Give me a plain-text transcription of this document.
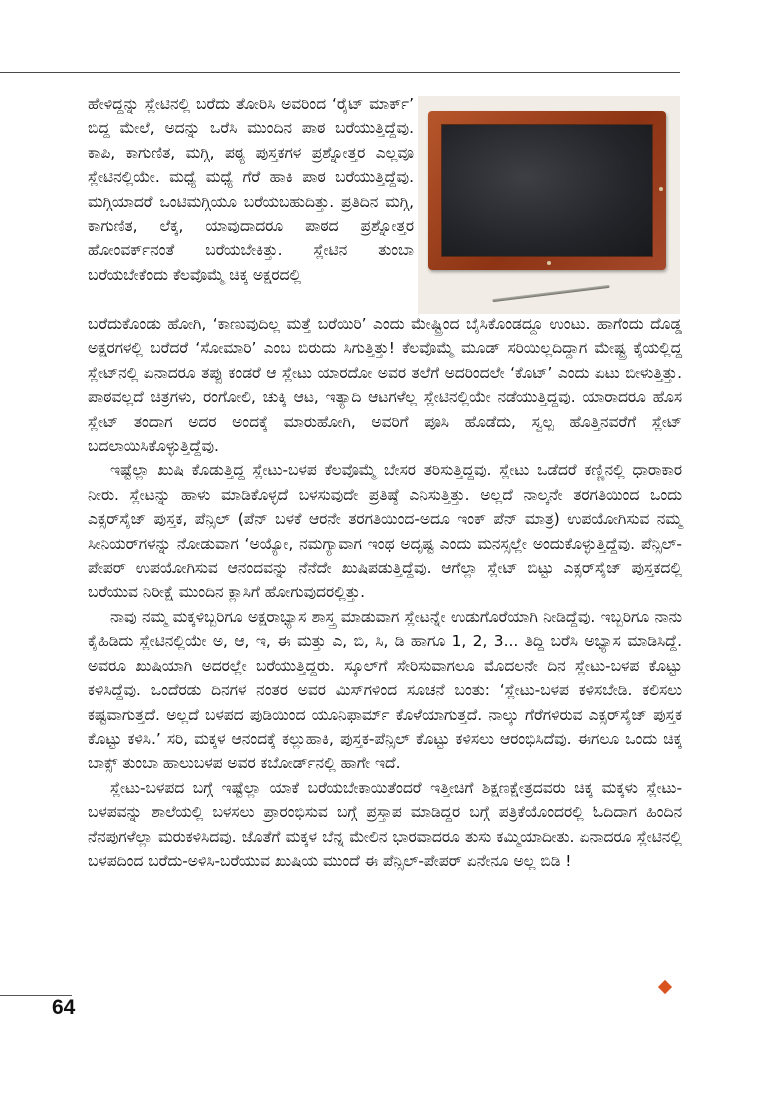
ಹೇಳಿದ್ದನ್ನು ಸ್ಲೇಟಿನಲ್ಲಿ ಬರೆದು ತೋರಿಸಿ ಅವರಿಂದ ‘ರೈಟ್ ಮಾರ್ಕ್’ ಬಿದ್ದ ಮೇಲೆ, ಅದನ್ನು ಒರೆಸಿ ಮುಂದಿನ ಪಾಠ ಬರೆಯುತ್ತಿದ್ದೆವು. ಕಾಪಿ, ಕಾಗುಣಿತ, ಮಗ್ಗಿ, ಪಠ್ಯ ಪುಸ್ತಕಗಳ ಪ್ರಶ್ನೋತ್ತರ ಎಲ್ಲವೂ ಸ್ಲೇಟಿನಲ್ಲಿಯೇ. ಮಧ್ಯೆ ಮಧ್ಯೆ ಗೆರೆ ಹಾಕಿ ಪಾಠ ಬರೆಯುತ್ತಿದ್ದೆವು. ಮಗ್ಗಿಯಾದರೆ ಒಂಟಿಮಗ್ಗಿಯೂ ಬರೆಯಬಹುದಿತ್ತು. ಪ್ರತಿದಿನ ಮಗ್ಗಿ, ಕಾಗುಣಿತ, ಲೆಕ್ಕ, ಯಾವುದಾದರೂ ಪಾಠದ ಪ್ರಶ್ನೋತ್ತರ ಹೋಂವರ್ಕ್‌ನಂತೆ ಬರೆಯಬೇಕಿತ್ತು. ಸ್ಲೇಟಿನ ತುಂಬಾ ಬರೆಯಬೇಕೆಂದು ಕೆಲವೊಮ್ಮೆ ಚಿಕ್ಕ ಅಕ್ಷರದಲ್ಲಿ

ಬರೆದುಕೊಂಡು ಹೋಗಿ, ‘ಕಾಣುವುದಿಲ್ಲ ಮತ್ತೆ ಬರೆಯಿರಿ’ ಎಂದು ಮೇಷ್ಟ್ರಿಂದ ಬೈಸಿಕೊಂಡದ್ದೂ ಉಂಟು. ಹಾಗೆಂದು ದೊಡ್ಡ ಅಕ್ಷರಗಳಲ್ಲಿ ಬರೆದರೆ ‘ಸೋಮಾರಿ’ ಎಂಬ ಬಿರುದು ಸಿಗುತ್ತಿತ್ತು! ಕೆಲವೊಮ್ಮೆ ಮೂಡ್ ಸರಿಯಿಲ್ಲದಿದ್ದಾಗ ಮೇಷ್ಟ್ರ ಕೈಯಲ್ಲಿದ್ದ ಸ್ಲೇಟ್‌ನಲ್ಲಿ ಏನಾದರೂ ತಪ್ಪು ಕಂಡರೆ ಆ ಸ್ಲೇಟು ಯಾರದೋ ಅವರ ತಲೆಗೆ ಅದರಿಂದಲೇ ‘ಕೊಟ್’ ಎಂದು ಏಟು ಬೀಳುತ್ತಿತ್ತು. ಪಾಠವಲ್ಲದೆ ಚಿತ್ರಗಳು, ರಂಗೋಲಿ, ಚುಕ್ಕಿ ಆಟ, ಇತ್ಯಾದಿ ಆಟಗಳೆಲ್ಲ ಸ್ಲೇಟಿನಲ್ಲಿಯೇ ನಡೆಯುತ್ತಿದ್ದವು. ಯಾರಾದರೂ ಹೊಸ ಸ್ಲೇಟ್ ತಂದಾಗ ಅದರ ಅಂದಕ್ಕೆ ಮಾರುಹೋಗಿ, ಅವರಿಗೆ ಪೂಸಿ ಹೊಡೆದು, ಸ್ವಲ್ಪ ಹೊತ್ತಿನವರೆಗೆ ಸ್ಲೇಟ್ ಬದಲಾಯಿಸಿಕೊಳ್ಳುತ್ತಿದ್ದೆವು.
ಇಷ್ಟೆಲ್ಲಾ ಖುಷಿ ಕೊಡುತ್ತಿದ್ದ ಸ್ಲೇಟು-ಬಳಪ ಕೆಲವೊಮ್ಮೆ ಬೇಸರ ತರಿಸುತ್ತಿದ್ದವು. ಸ್ಲೇಟು ಒಡೆದರೆ ಕಣ್ಣಿನಲ್ಲಿ ಧಾರಾಕಾರ ನೀರು. ಸ್ಲೇಟನ್ನು ಹಾಳು ಮಾಡಿಕೊಳ್ಳದೆ ಬಳಸುವುದೇ ಪ್ರತಿಷ್ಠೆ ಎನಿಸುತ್ತಿತ್ತು. ಅಲ್ಲದೆ ನಾಲ್ಕನೇ ತರಗತಿಯಿಂದ ಒಂದು ಎಕ್ಸರ್‌ಸೈಜ್ ಪುಸ್ತಕ, ಪೆನ್ಸಿಲ್ (ಪೆನ್ ಬಳಕೆ ಆರನೇ ತರಗತಿಯಿಂದ-ಅದೂ ಇಂಕ್ ಪೆನ್ ಮಾತ್ರ) ಉಪಯೋಗಿಸುವ ನಮ್ಮ ಸೀನಿಯರ್‌ಗಳನ್ನು ನೋಡುವಾಗ ‘ಅಯ್ಯೋ, ನಮಗ್ಯಾವಾಗ ಇಂಥ ಅದೃಷ್ಟ ಎಂದು ಮನಸ್ಸಲ್ಲೇ ಅಂದುಕೊಳ್ಳುತ್ತಿದ್ದೆವು. ಪೆನ್ಸಿಲ್-ಪೇಪರ್ ಉಪಯೋಗಿಸುವ ಆನಂದವನ್ನು ನೆನೆದೇ ಖುಷಿಪಡುತ್ತಿದ್ದೆವು. ಆಗೆಲ್ಲಾ ಸ್ಲೇಟ್ ಬಿಟ್ಟು ಎಕ್ಸರ್‌ಸೈಜ್ ಪುಸ್ತಕದಲ್ಲಿ ಬರೆಯುವ ನಿರೀಕ್ಷೆ ಮುಂದಿನ ಕ್ಲಾಸಿಗೆ ಹೋಗುವುದರಲ್ಲಿತ್ತು.
ನಾವು ನಮ್ಮ ಮಕ್ಕಳಿಬ್ಬರಿಗೂ ಅಕ್ಷರಾಭ್ಯಾಸ ಶಾಸ್ತ್ರ ಮಾಡುವಾಗ ಸ್ಲೇಟನ್ನೇ ಉಡುಗೊರೆಯಾಗಿ ನೀಡಿದ್ದೆವು. ಇಬ್ಬರಿಗೂ ನಾನು ಕೈಹಿಡಿದು ಸ್ಲೇಟಿನಲ್ಲಿಯೇ ಅ, ಆ, ಇ, ಈ ಮತ್ತು ಎ, ಬಿ, ಸಿ, ಡಿ ಹಾಗೂ 1, 2, 3... ತಿದ್ದಿ ಬರೆಸಿ ಅಭ್ಯಾಸ ಮಾಡಿಸಿದ್ದೆ. ಅವರೂ ಖುಷಿಯಾಗಿ ಅದರಲ್ಲೇ ಬರೆಯುತ್ತಿದ್ದರು. ಸ್ಕೂಲ್‌ಗೆ ಸೇರಿಸುವಾಗಲೂ ಮೊದಲನೇ ದಿನ ಸ್ಲೇಟು-ಬಳಪ ಕೊಟ್ಟು ಕಳಿಸಿದ್ದೆವು. ಒಂದೆರಡು ದಿನಗಳ ನಂತರ ಅವರ ಮಿಸ್‌ಗಳಿಂದ ಸೂಚನೆ ಬಂತು: ‘ಸ್ಲೇಟು-ಬಳಪ ಕಳಿಸಬೇಡಿ. ಕಲಿಸಲು ಕಷ್ಟವಾಗುತ್ತದೆ. ಅಲ್ಲದೆ ಬಳಪದ ಪುಡಿಯಿಂದ ಯೂನಿಫಾರ್ಮ್ ಕೊಳೆಯಾಗುತ್ತದೆ. ನಾಲ್ಕು ಗೆರೆಗಳಿರುವ ಎಕ್ಸರ್‌ಸೈಜ್ ಪುಸ್ತಕ ಕೊಟ್ಟು ಕಳಿಸಿ.’ ಸರಿ, ಮಕ್ಕಳ ಆನಂದಕ್ಕೆ ಕಲ್ಲುಹಾಕಿ, ಪುಸ್ತಕ-ಪೆನ್ಸಿಲ್ ಕೊಟ್ಟು ಕಳಿಸಲು ಆರಂಭಿಸಿದೆವು. ಈಗಲೂ ಒಂದು ಚಿಕ್ಕ ಬಾಕ್ಸ್ ತುಂಬಾ ಹಾಲುಬಳಪ ಅವರ ಕಬೋರ್ಡ್‌ನಲ್ಲಿ ಹಾಗೇ ಇದೆ.
ಸ್ಲೇಟು-ಬಳಪದ ಬಗ್ಗೆ ಇಷ್ಟೆಲ್ಲಾ ಯಾಕೆ ಬರೆಯಬೇಕಾಯಿತೆಂದರೆ ಇತ್ತೀಚಿಗೆ ಶಿಕ್ಷಣಕ್ಷೇತ್ರದವರು ಚಿಕ್ಕ ಮಕ್ಕಳು ಸ್ಲೇಟು-ಬಳಪವನ್ನು ಶಾಲೆಯಲ್ಲಿ ಬಳಸಲು ಪ್ರಾರಂಭಿಸುವ ಬಗ್ಗೆ ಪ್ರಸ್ತಾಪ ಮಾಡಿದ್ದರ ಬಗ್ಗೆ ಪತ್ರಿಕೆಯೊಂದರಲ್ಲಿ ಓದಿದಾಗ ಹಿಂದಿನ ನೆನಪುಗಳೆಲ್ಲಾ ಮರುಕಳಿಸಿದವು. ಜೊತೆಗೆ ಮಕ್ಕಳ ಬೆನ್ನ ಮೇಲಿನ ಭಾರವಾದರೂ ತುಸು ಕಮ್ಮಿಯಾದೀತು. ಏನಾದರೂ ಸ್ಲೇಟಿನಲ್ಲಿ ಬಳಪದಿಂದ ಬರೆದು-ಅಳಿಸಿ-ಬರೆಯುವ ಖುಷಿಯ ಮುಂದೆ ಈ ಪೆನ್ಸಿಲ್-ಪೇಪರ್ ಏನೇನೂ ಅಲ್ಲ ಬಿಡಿ !
64
